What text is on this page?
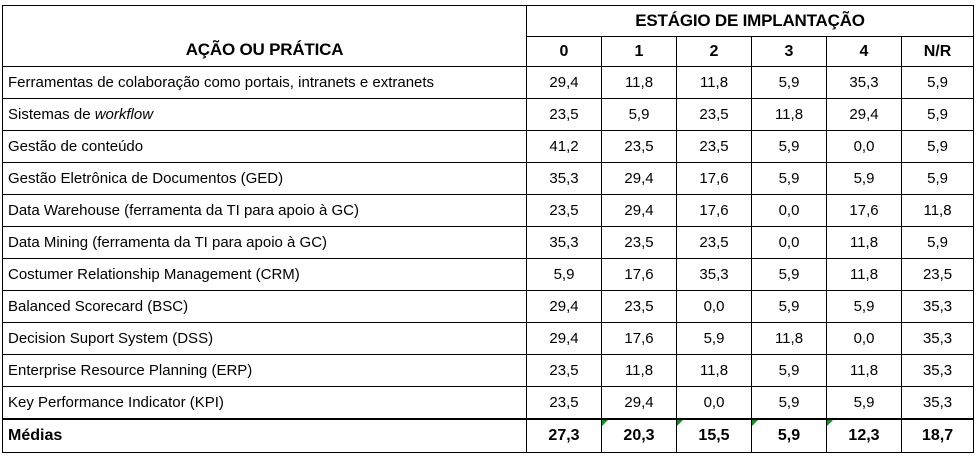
AÇÃO OU PRÁTICA	ESTÁGIO DE IMPLANTAÇÃO					
	0	1	2	3	4	N/R
Ferramentas de colaboração como portais, intranets e extranets	29,4	11,8	11,8	5,9	35,3	5,9
Sistemas de workflow	23,5	5,9	23,5	11,8	29,4	5,9
Gestão de conteúdo	41,2	23,5	23,5	5,9	0,0	5,9
Gestão Eletrônica de Documentos (GED)	35,3	29,4	17,6	5,9	5,9	5,9
Data Warehouse (ferramenta da TI para apoio à GC)	23,5	29,4	17,6	0,0	17,6	11,8
Data Mining (ferramenta da TI para apoio à GC)	35,3	23,5	23,5	0,0	11,8	5,9
Costumer Relationship Management (CRM)	5,9	17,6	35,3	5,9	11,8	23,5
Balanced Scorecard (BSC)	29,4	23,5	0,0	5,9	5,9	35,3
Decision Suport System (DSS)	29,4	17,6	5,9	11,8	0,0	35,3
Enterprise Resource Planning (ERP)	23,5	11,8	11,8	5,9	11,8	35,3
Key Performance Indicator (KPI)	23,5	29,4	0,0	5,9	5,9	35,3
Médias	27,3	20,3	15,5	5,9	12,3	18,7
